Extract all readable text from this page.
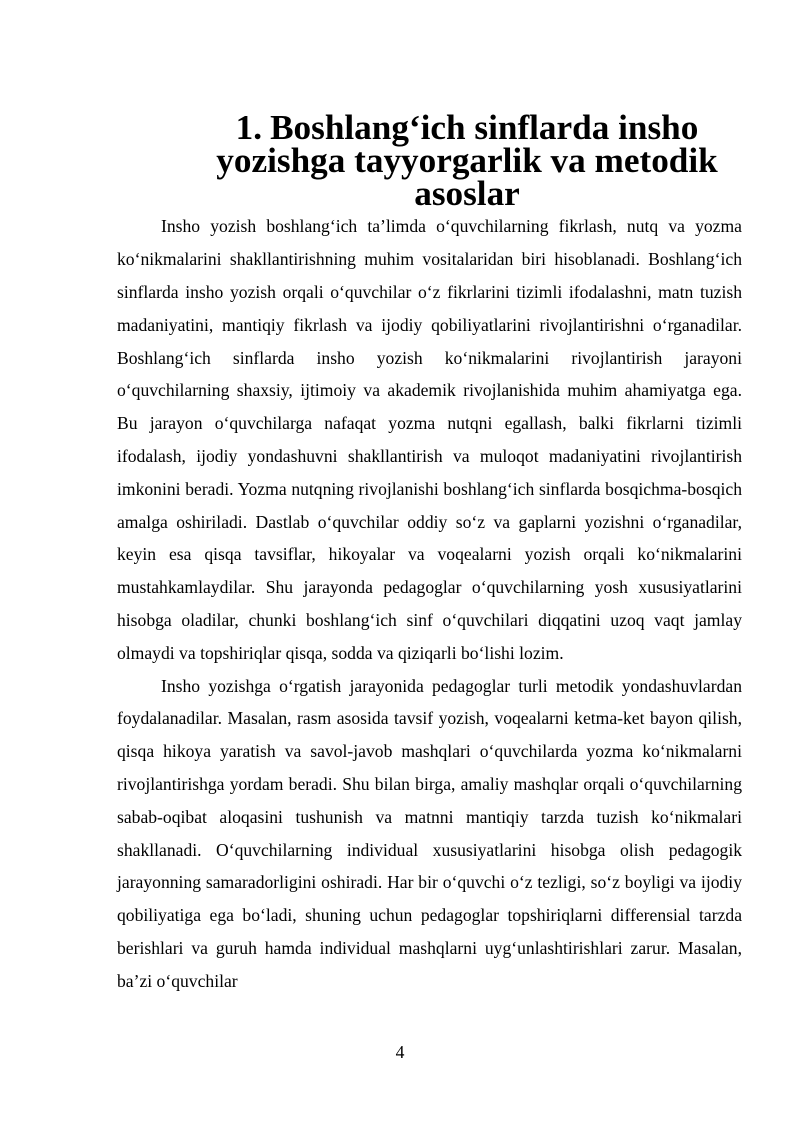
1. Boshlang‘ich sinflarda insho yozishga tayyorgarlik va metodik asoslar

Insho yozish boshlang‘ich ta’limda o‘quvchilarning fikrlash, nutq va yozma ko‘nikmalarini shakllantirishning muhim vositalaridan biri hisoblanadi. Boshlang‘ich sinflarda insho yozish orqali o‘quvchilar o‘z fikrlarini tizimli ifodalashni, matn tuzish madaniyatini, mantiqiy fikrlash va ijodiy qobiliyatlarini rivojlantirishni o‘rganadilar. Boshlang‘ich sinflarda insho yozish ko‘nikmalarini rivojlantirish jarayoni o‘quvchilarning shaxsiy, ijtimoiy va akademik rivojlanishida muhim ahamiyatga ega. Bu jarayon o‘quvchilarga nafaqat yozma nutqni egallash, balki fikrlarni tizimli ifodalash, ijodiy yondashuvni shakllantirish va muloqot madaniyatini rivojlantirish imkonini beradi. Yozma nutqning rivojlanishi boshlang‘ich sinflarda bosqichma-bosqich amalga oshiriladi. Dastlab o‘quvchilar oddiy so‘z va gaplarni yozishni o‘rganadilar, keyin esa qisqa tavsiflar, hikoyalar va voqealarni yozish orqali ko‘nikmalarini mustahkamlaydilar. Shu jarayonda pedagoglar o‘quvchilarning yosh xususiyatlarini hisobga oladilar, chunki boshlang‘ich sinf o‘quvchilari diqqatini uzoq vaqt jamlay olmaydi va topshiriqlar qisqa, sodda va qiziqarli bo‘lishi lozim.

Insho yozishga o‘rgatish jarayonida pedagoglar turli metodik yondashuvlardan foydalanadilar. Masalan, rasm asosida tavsif yozish, voqealarni ketma-ket bayon qilish, qisqa hikoya yaratish va savol-javob mashqlari o‘quvchilarda yozma ko‘nikmalarni rivojlantirishga yordam beradi. Shu bilan birga, amaliy mashqlar orqali o‘quvchilarning sabab-oqibat aloqasini tushunish va matnni mantiqiy tarzda tuzish ko‘nikmalari shakllanadi. O‘quvchilarning individual xususiyatlarini hisobga olish pedagogik jarayonning samaradorligini oshiradi. Har bir o‘quvchi o‘z tezligi, so‘z boyligi va ijodiy qobiliyatiga ega bo‘ladi, shuning uchun pedagoglar topshiriqlarni differensial tarzda berishlari va guruh hamda individual mashqlarni uyg‘unlashtirishlari zarur. Masalan, ba’zi o‘quvchilar

4
